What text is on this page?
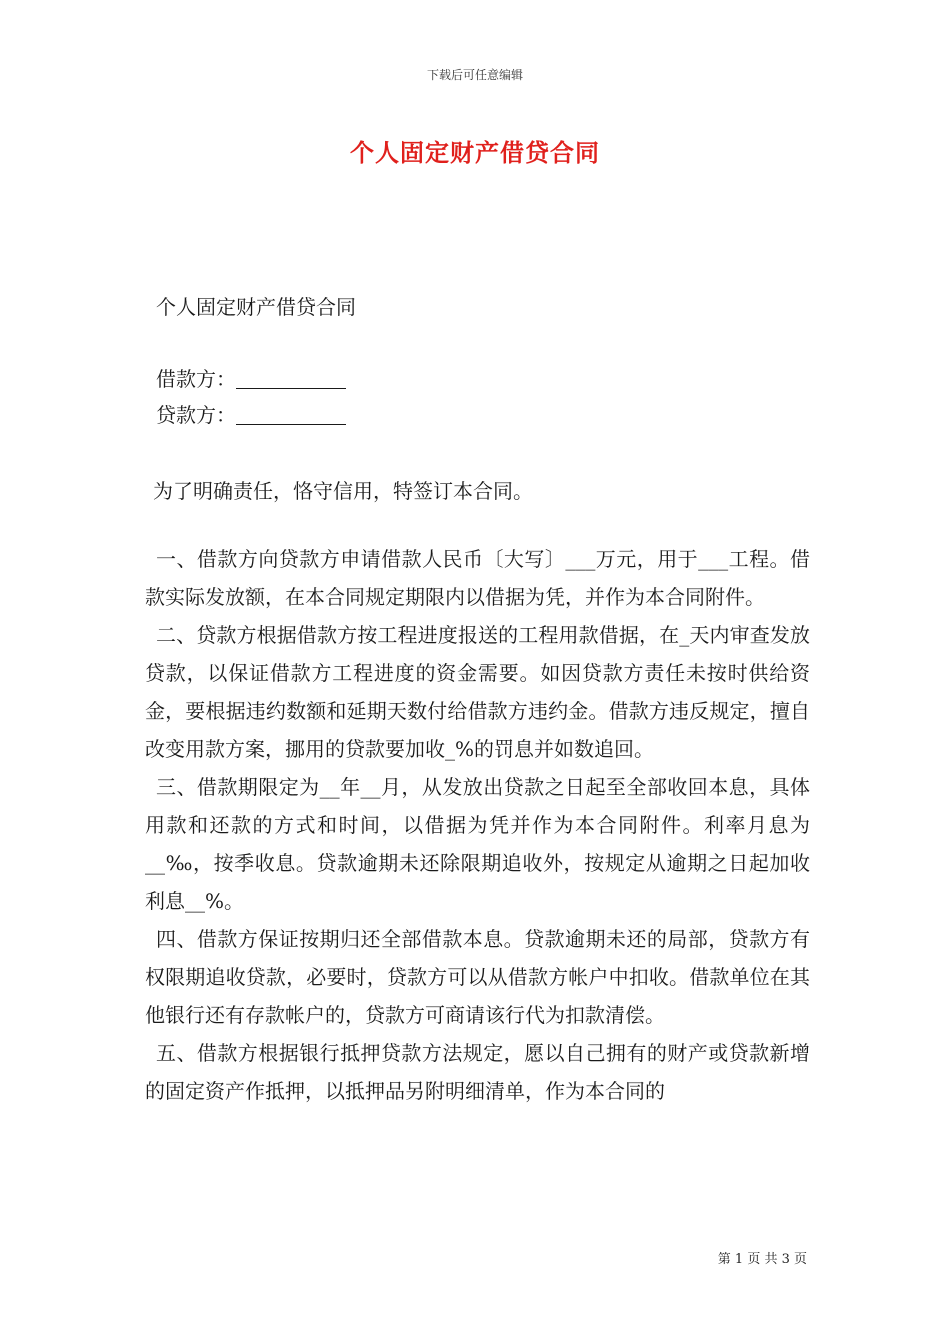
下载后可任意编辑
个人固定财产借贷合同
个人固定财产借贷合同
借款方：
贷款方：
为了明确责任，恪守信用，特签订本合同。

一、借款方向贷款方申请借款人民币〔大写〕___万元，用于___工程。借款实际发放额，在本合同规定期限内以借据为凭，并作为本合同附件。

二、贷款方根据借款方按工程进度报送的工程用款借据，在_天内审查发放贷款，以保证借款方工程进度的资金需要。如因贷款方责任未按时供给资金，要根据违约数额和延期天数付给借款方违约金。借款方违反规定，擅自改变用款方案，挪用的贷款要加收_%的罚息并如数追回。

三、借款期限定为__年__月，从发放出贷款之日起至全部收回本息，具体用款和还款的方式和时间，以借据为凭并作为本合同附件。利率月息为__‰，按季收息。贷款逾期未还除限期追收外，按规定从逾期之日起加收利息__%。

四、借款方保证按期归还全部借款本息。贷款逾期未还的局部，贷款方有权限期追收贷款，必要时，贷款方可以从借款方帐户中扣收。借款单位在其他银行还有存款帐户的，贷款方可商请该行代为扣款清偿。

五、借款方根据银行抵押贷款方法规定，愿以自己拥有的财产或贷款新增的固定资产作抵押，以抵押品另附明细清单，作为本合同的

第 1 页 共 3 页
